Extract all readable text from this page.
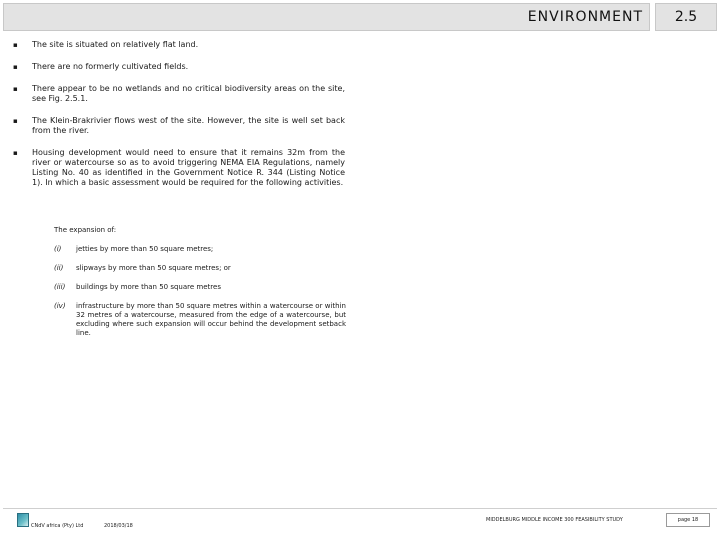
ENVIRONMENT	2.5
▪	The site is situated on relatively flat land.
▪	There are no formerly cultivated fields.
▪	There appear to be no wetlands and no critical biodiversity areas on the site, see Fig. 2.5.1.
▪	The Klein-Brakrivier flows west of the site. However, the site is well set back from the river.
▪	Housing development would need to ensure that it remains 32m from the river or watercourse so as to avoid triggering NEMA EIA Regulations, namely Listing No. 40 as identified in the Government Notice R. 344 (Listing Notice 1). In which a basic assessment would be required for the following activities.
The expansion of:
(i)	jetties by more than 50 square metres;
(ii)	slipways by more than 50 square metres; or
(iii)	buildings by more than 50 square metres
(iv)	infrastructure by more than 50 square metres within a watercourse or within 32 metres of a watercourse, measured from the edge of a watercourse, but excluding where such expansion will occur behind the development setback line.
CNdV africa (Pty) Ltd	2018/03/18
MIDDELBURG MIDDLE INCOME 300 FEASIBILITY STUDY	page 18
